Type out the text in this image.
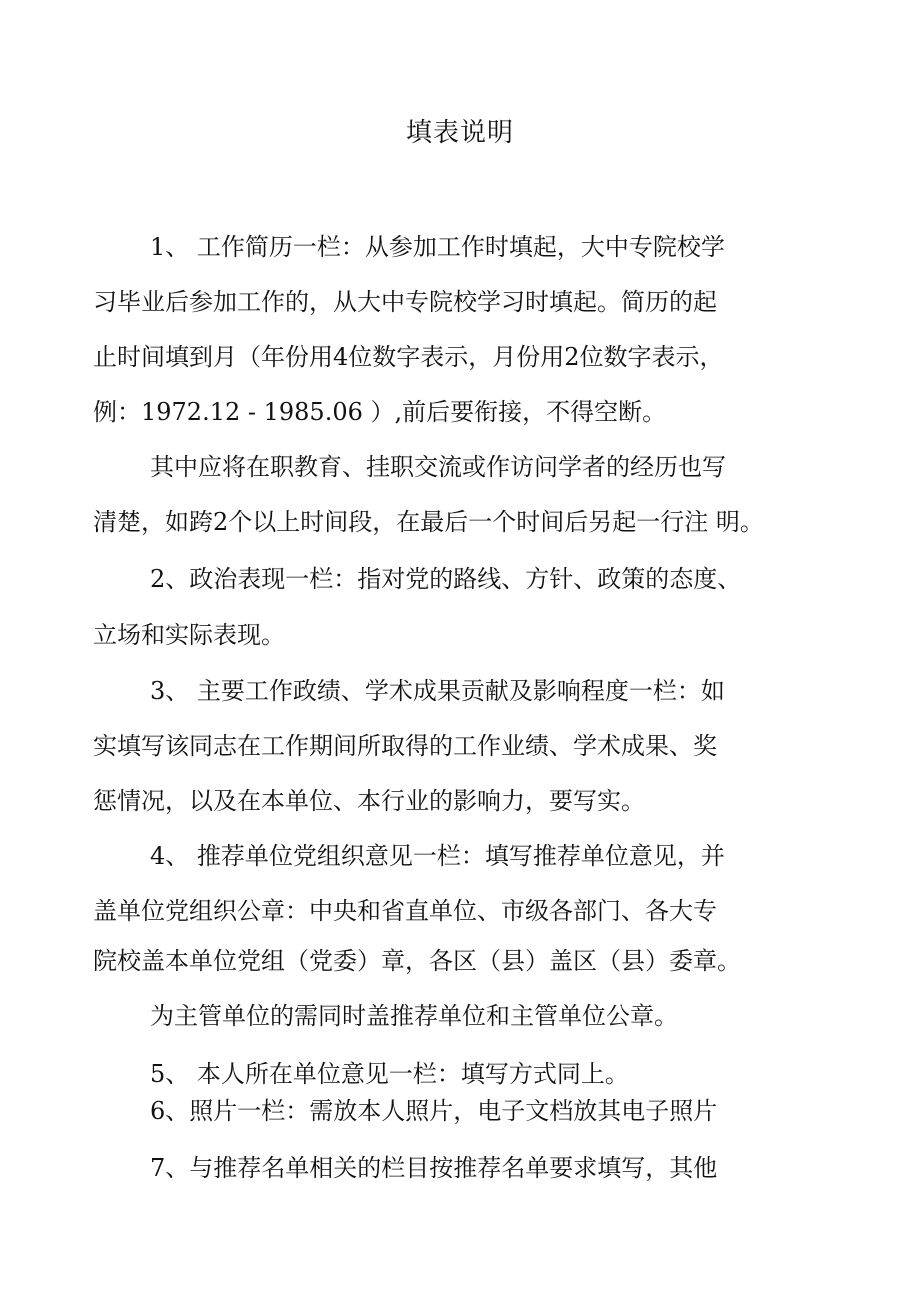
填表说明
1、 工作简历一栏：从参加工作时填起，大中专院校学
习毕业后参加工作的，从大中专院校学习时填起。简历的起
止时间填到月（年份用4位数字表示，月份用2位数字表示，
例：1972.12 - 1985.06 ）,前后要衔接，不得空断。
其中应将在职教育、挂职交流或作访问学者的经历也写
清楚，如跨2个以上时间段，在最后一个时间后另起一行注 明。
2、政治表现一栏：指对党的路线、方针、政策的态度、
立场和实际表现。
3、 主要工作政绩、学术成果贡献及影响程度一栏：如
实填写该同志在工作期间所取得的工作业绩、学术成果、奖
惩情况，以及在本单位、本行业的影响力，要写实。
4、 推荐单位党组织意见一栏：填写推荐单位意见，并
盖单位党组织公章：中央和省直单位、市级各部门、各大专
院校盖本单位党组（党委）章，各区（县）盖区（县）委章。
为主管单位的需同时盖推荐单位和主管单位公章。
5、 本人所在单位意见一栏：填写方式同上。
6、照片一栏：需放本人照片，电子文档放其电子照片
7、与推荐名单相关的栏目按推荐名单要求填写，其他
